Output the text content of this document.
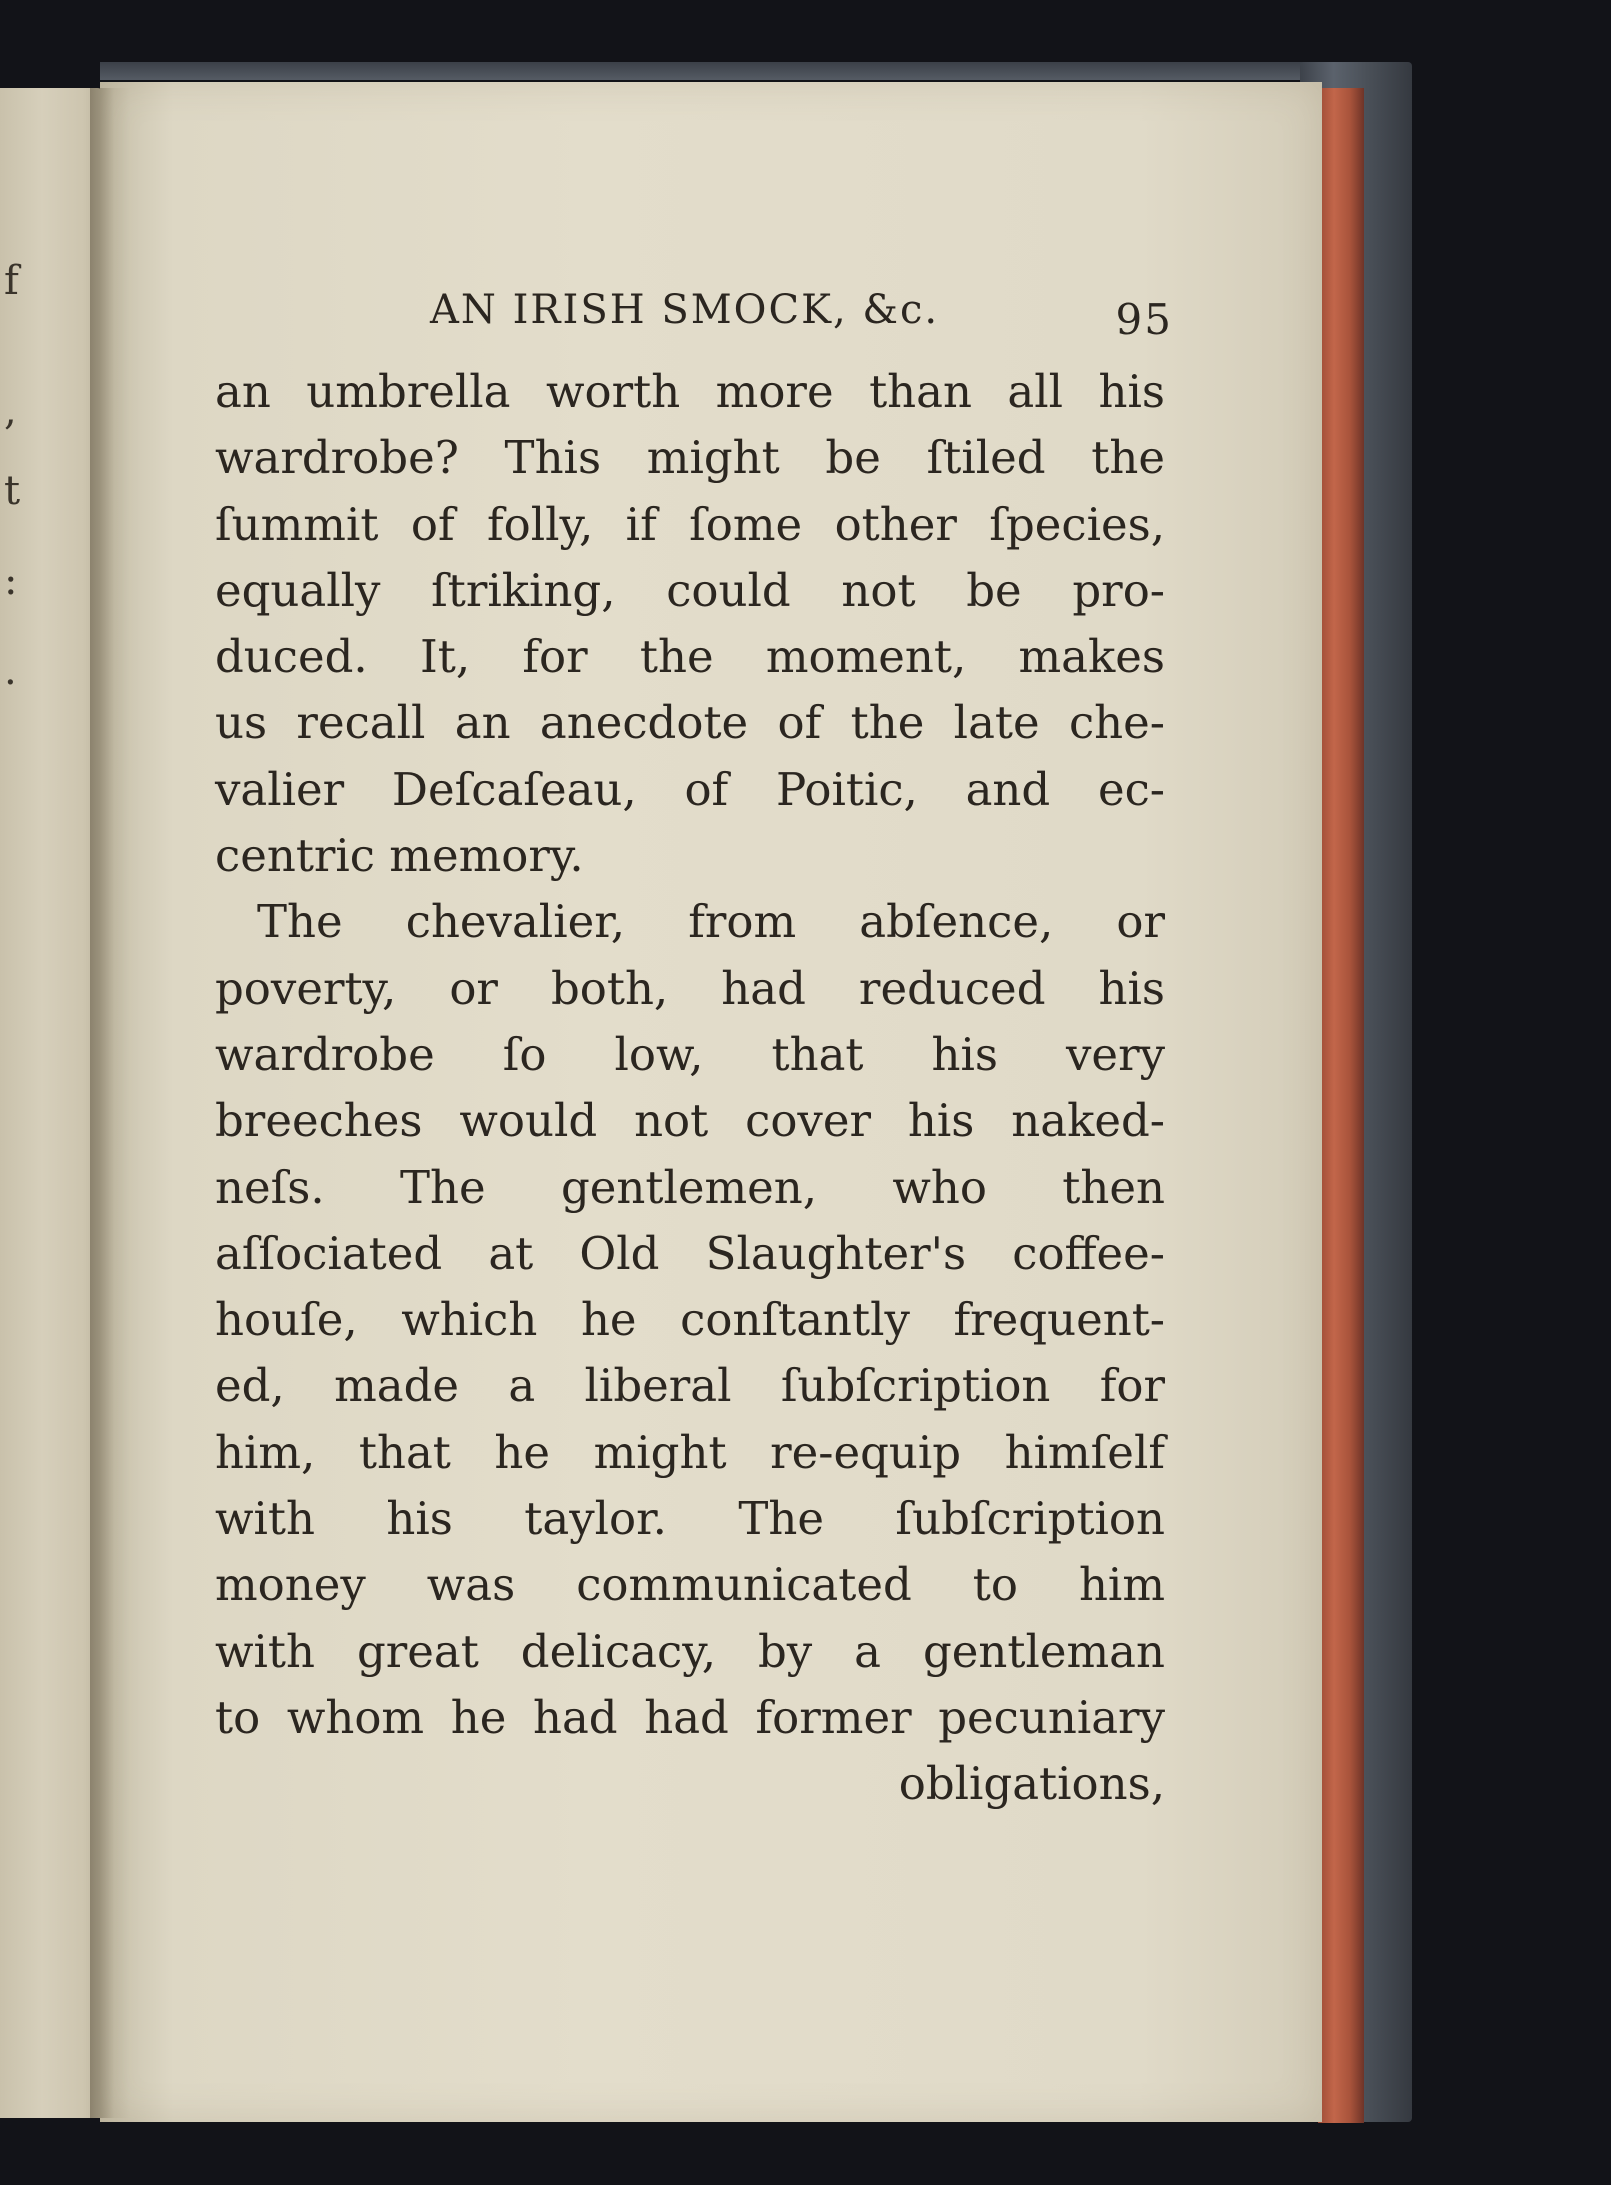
f
,
t
:
.
AN IRISH SMOCK, &c.	95
an umbrella worth more than all his
wardrobe? This might be ſtiled the
ſummit of folly, if ſome other ſpecies,
equally ſtriking, could not be pro-
duced. It, for the moment, makes
us recall an anecdote of the late che-
valier Deſcaſeau, of Poitic, and ec-
centric memory.
The chevalier, from abſence, or
poverty, or both, had reduced his
wardrobe ſo low, that his very
breeches would not cover his naked-
neſs. The gentlemen, who then
aſſociated at Old Slaughter's coffee-
houſe, which he conſtantly frequent-
ed, made a liberal ſubſcription for
him, that he might re-equip himſelf
with his taylor. The ſubſcription
money was communicated to him
with great delicacy, by a gentleman
to whom he had had former pecuniary
obligations,
